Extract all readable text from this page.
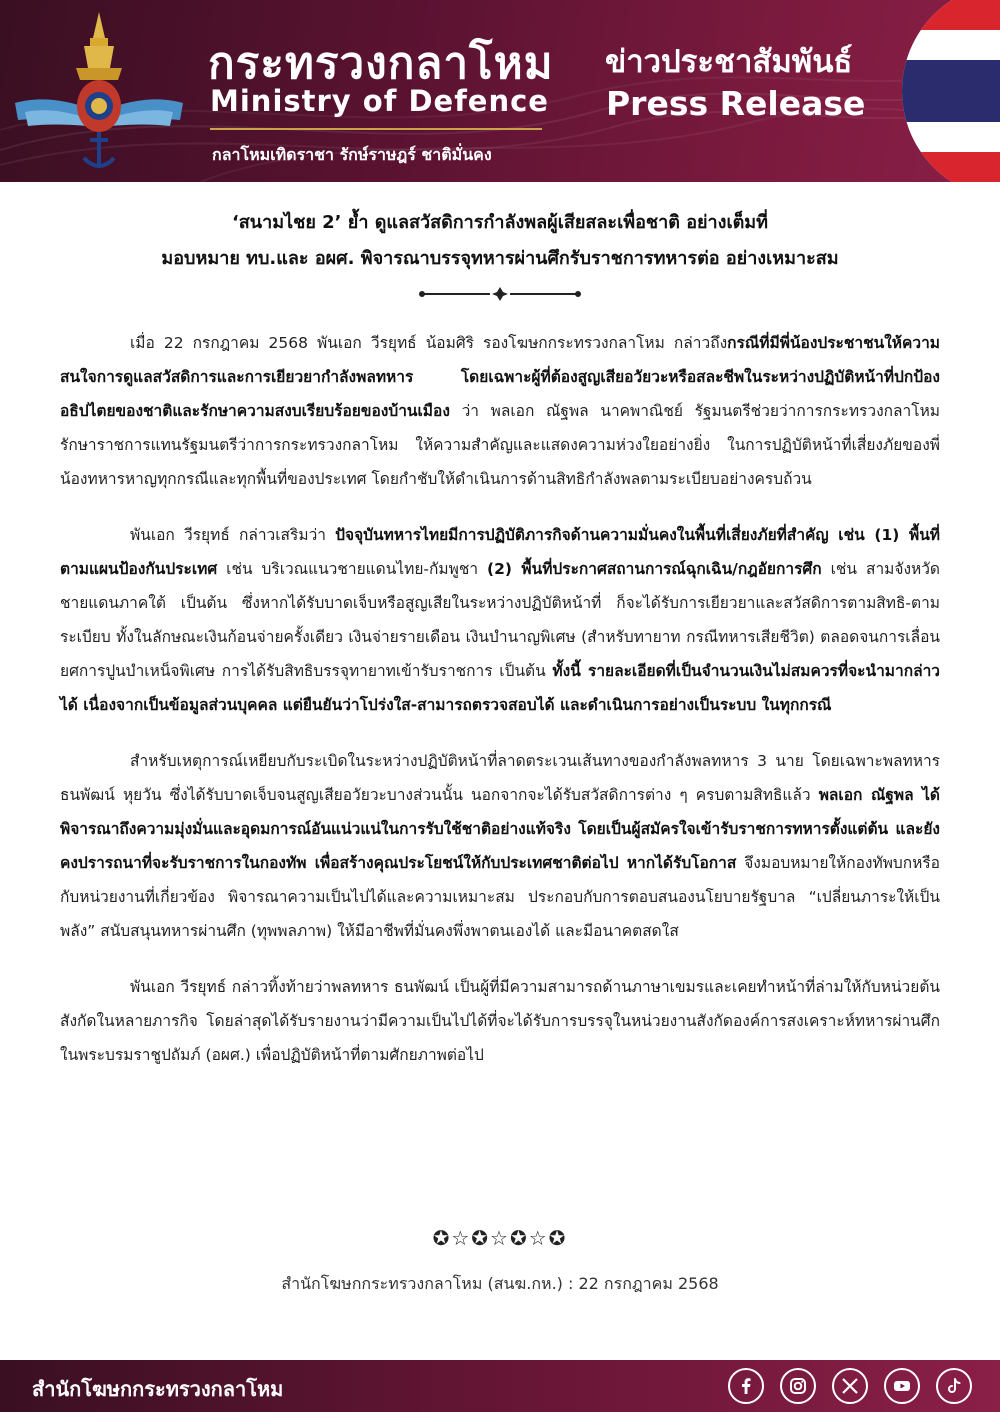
กระทรวงกลาโหม
Ministry of Defence
กลาโหมเทิดราชา รักษ์ราษฎร์ ชาติมั่นคง
ข่าวประชาสัมพันธ์
Press Release
‘สนามไชย 2’ ย้ำ ดูแลสวัสดิการกำลังพลผู้เสียสละเพื่อชาติ อย่างเต็มที่
มอบหมาย ทบ.และ อผศ. พิจารณาบรรจุทหารผ่านศึกรับราชการทหารต่อ อย่างเหมาะสม

เมื่อ 22 กรกฎาคม 2568 พันเอก วีรยุทธ์ น้อมศิริ รองโฆษกกระทรวงกลาโหม กล่าวถึงกรณีที่มีพี่น้องประชาชนให้ความสนใจการดูแลสวัสดิการและการเยียวยากำลังพลทหาร โดยเฉพาะผู้ที่ต้องสูญเสียอวัยวะหรือสละชีพในระหว่างปฏิบัติหน้าที่ปกป้องอธิปไตยของชาติและรักษาความสงบเรียบร้อยของบ้านเมือง ว่า พลเอก ณัฐพล นาคพาณิชย์ รัฐมนตรีช่วยว่าการกระทรวงกลาโหม รักษาราชการแทนรัฐมนตรีว่าการกระทรวงกลาโหม ให้ความสำคัญและแสดงความห่วงใยอย่างยิ่ง ในการปฏิบัติหน้าที่เสี่ยงภัยของพี่น้องทหารหาญทุกกรณีและทุกพื้นที่ของประเทศ โดยกำชับให้ดำเนินการด้านสิทธิกำลังพลตามระเบียบอย่างครบถ้วน

พันเอก วีรยุทธ์ กล่าวเสริมว่า ปัจจุบันทหารไทยมีการปฏิบัติภารกิจด้านความมั่นคงในพื้นที่เสี่ยงภัยที่สำคัญ เช่น (1) พื้นที่ตามแผนป้องกันประเทศ เช่น บริเวณแนวชายแดนไทย-กัมพูชา (2) พื้นที่ประกาศสถานการณ์ฉุกเฉิน/กฎอัยการศึก เช่น สามจังหวัดชายแดนภาคใต้ เป็นต้น ซึ่งหากได้รับบาดเจ็บหรือสูญเสียในระหว่างปฏิบัติหน้าที่ ก็จะได้รับการเยียวยาและสวัสดิการตามสิทธิ-ตามระเบียบ ทั้งในลักษณะเงินก้อนจ่ายครั้งเดียว เงินจ่ายรายเดือน เงินบำนาญพิเศษ (สำหรับทายาท กรณีทหารเสียชีวิต) ตลอดจนการเลื่อนยศการปูนบำเหน็จพิเศษ การได้รับสิทธิบรรจุทายาทเข้ารับราชการ เป็นต้น ทั้งนี้ รายละเอียดที่เป็นจำนวนเงินไม่สมควรที่จะนำมากล่าวได้ เนื่องจากเป็นข้อมูลส่วนบุคคล แต่ยืนยันว่าโปร่งใส-สามารถตรวจสอบได้ และดำเนินการอย่างเป็นระบบ ในทุกกรณี

สำหรับเหตุการณ์เหยียบกับระเบิดในระหว่างปฏิบัติหน้าที่ลาดตระเวนเส้นทางของกำลังพลทหาร 3 นาย โดยเฉพาะพลทหาร ธนพัฒน์ หุยวัน ซึ่งได้รับบาดเจ็บจนสูญเสียอวัยวะบางส่วนนั้น นอกจากจะได้รับสวัสดิการต่าง ๆ ครบตามสิทธิแล้ว พลเอก ณัฐพล ได้พิจารณาถึงความมุ่งมั่นและอุดมการณ์อันแน่วแน่ในการรับใช้ชาติอย่างแท้จริง โดยเป็นผู้สมัครใจเข้ารับราชการทหารตั้งแต่ต้น และยังคงปรารถนาที่จะรับราชการในกองทัพ เพื่อสร้างคุณประโยชน์ให้กับประเทศชาติต่อไป หากได้รับโอกาส จึงมอบหมายให้กองทัพบกหรือกับหน่วยงานที่เกี่ยวข้อง พิจารณาความเป็นไปได้และความเหมาะสม ประกอบกับการตอบสนองนโยบายรัฐบาล “เปลี่ยนภาระให้เป็นพลัง” สนับสนุนทหารผ่านศึก (ทุพพลภาพ) ให้มีอาชีพที่มั่นคงพึ่งพาตนเองได้ และมีอนาคตสดใส

พันเอก วีรยุทธ์ กล่าวทิ้งท้ายว่าพลทหาร ธนพัฒน์ เป็นผู้ที่มีความสามารถด้านภาษาเขมรและเคยทำหน้าที่ล่ามให้กับหน่วยต้นสังกัดในหลายภารกิจ โดยล่าสุดได้รับรายงานว่ามีความเป็นไปได้ที่จะได้รับการบรรจุในหน่วยงานสังกัดองค์การสงเคราะห์ทหารผ่านศึกในพระบรมราชูปถัมภ์ (อผศ.) เพื่อปฏิบัติหน้าที่ตามศักยภาพต่อไป

✪☆✪☆✪☆✪
สำนักโฆษกกระทรวงกลาโหม (สนฆ.กห.) : 22 กรกฎาคม 2568
สำนักโฆษกกระทรวงกลาโหม
